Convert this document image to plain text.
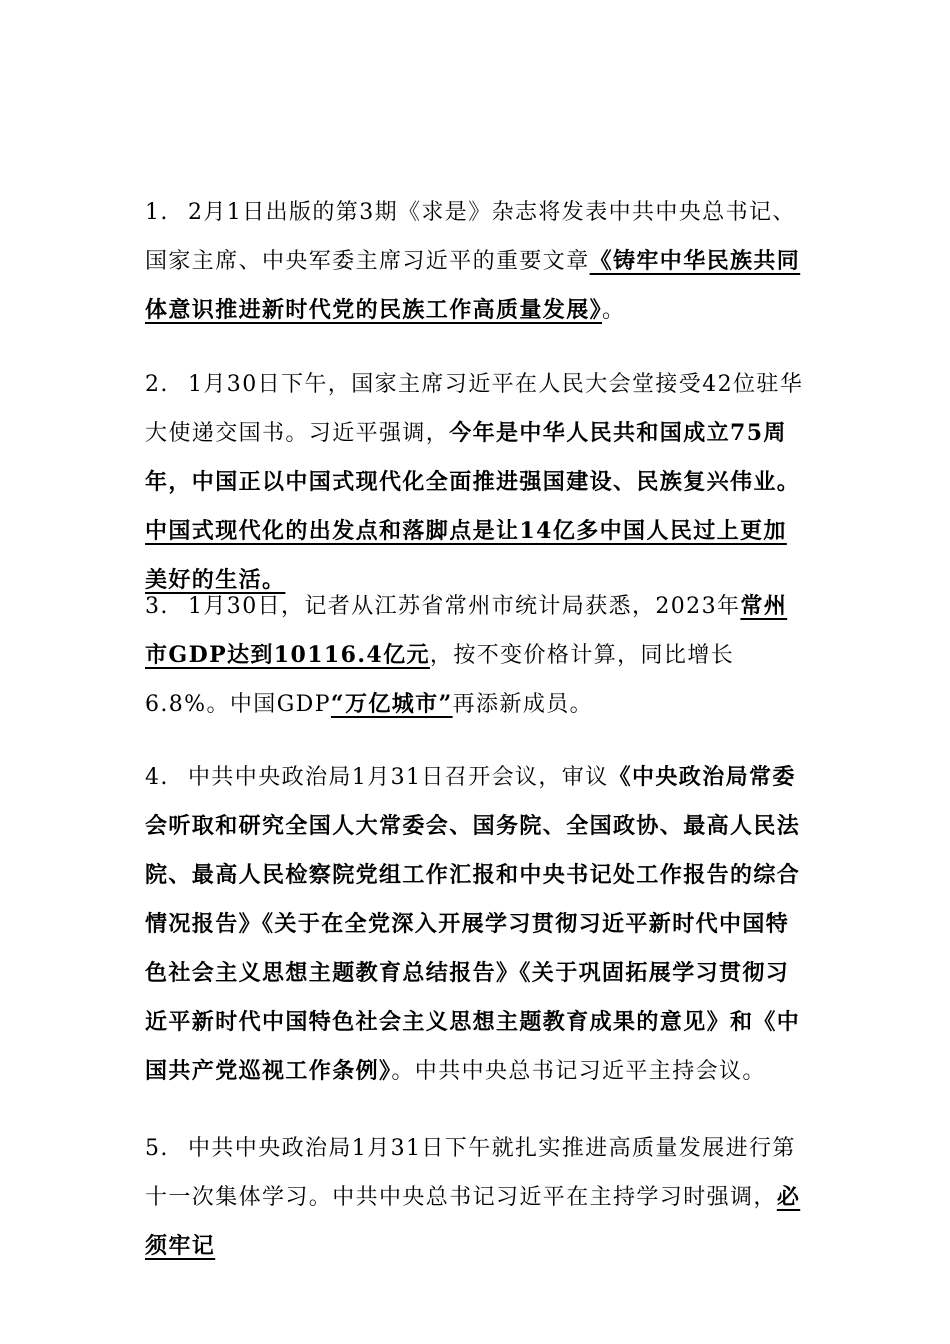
1. 2月1日出版的第3期《求是》杂志将发表中共中央总书记、国家主席、中央军委主席习近平的重要文章《铸牢中华民族共同体意识推进新时代党的民族工作高质量发展》。

2. 1月30日下午，国家主席习近平在人民大会堂接受42位驻华大使递交国书。习近平强调，今年是中华人民共和国成立75周年，中国正以中国式现代化全面推进强国建设、民族复兴伟业。中国式现代化的出发点和落脚点是让14亿多中国人民过上更加美好的生活。

3. 1月30日，记者从江苏省常州市统计局获悉，2023年常州市GDP达到10116.4亿元，按不变价格计算，同比增长6.8%。中国GDP“万亿城市”再添新成员。

4. 中共中央政治局1月31日召开会议，审议《中央政治局常委会听取和研究全国人大常委会、国务院、全国政协、最高人民法院、最高人民检察院党组工作汇报和中央书记处工作报告的综合情况报告》《关于在全党深入开展学习贯彻习近平新时代中国特色社会主义思想主题教育总结报告》《关于巩固拓展学习贯彻习近平新时代中国特色社会主义思想主题教育成果的意见》和《中国共产党巡视工作条例》。中共中央总书记习近平主持会议。

5. 中共中央政治局1月31日下午就扎实推进高质量发展进行第十一次集体学习。中共中央总书记习近平在主持学习时强调，必须牢记
